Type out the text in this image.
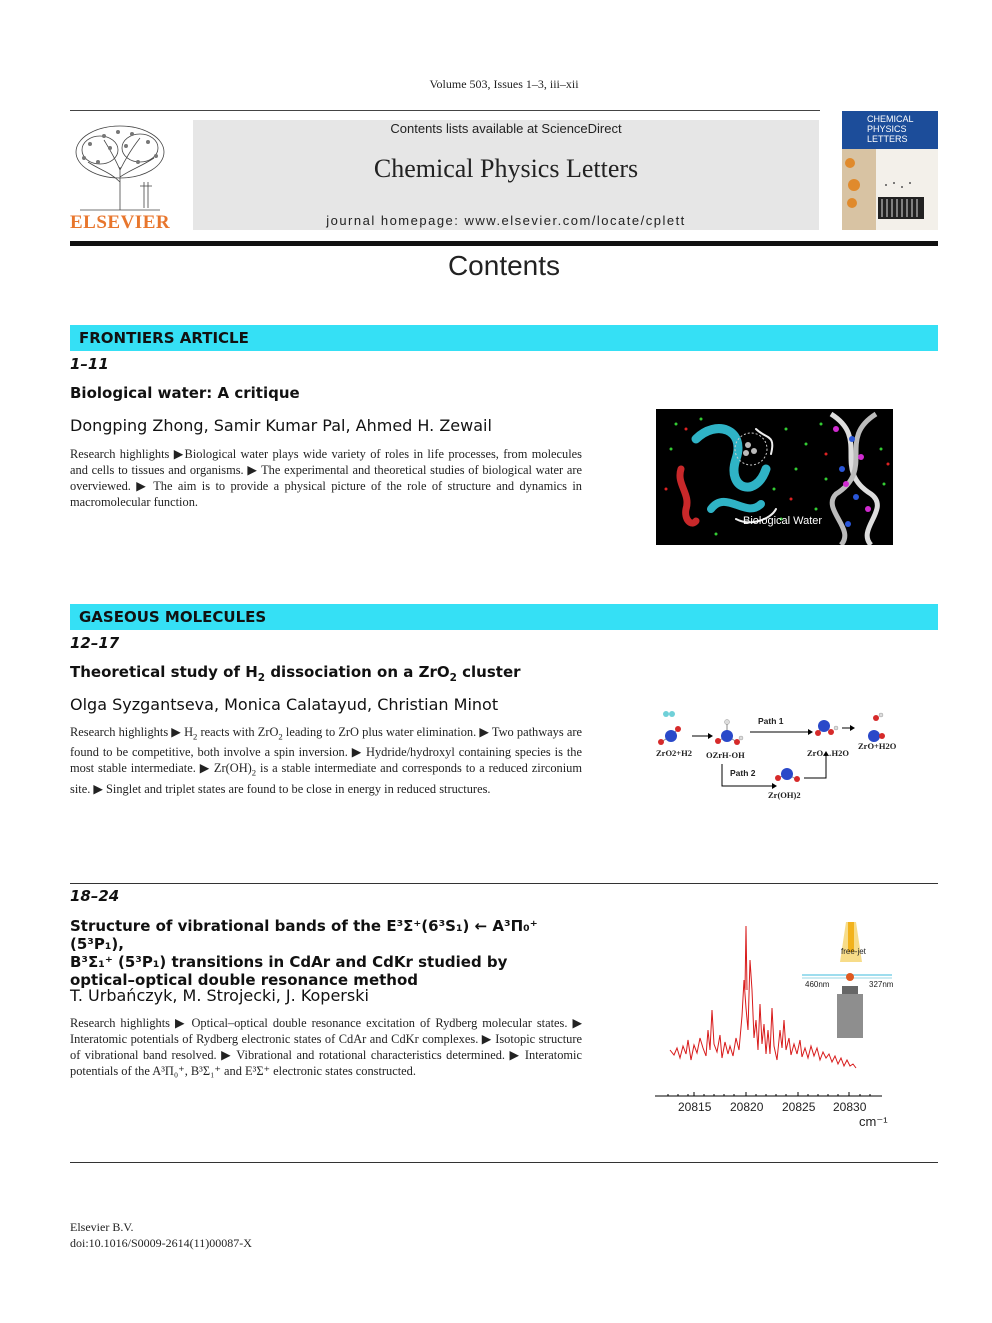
Volume 503, Issues 1–3, iii–xii
ELSEVIER
Contents lists available at ScienceDirect
Chemical Physics Letters
journal homepage: www.elsevier.com/locate/cplett
CHEMICAL
PHYSICS
LETTERS
Contents
FRONTIERS ARTICLE
1–11
Biological water: A critique
Dongping Zhong, Samir Kumar Pal, Ahmed H. Zewail
Research highlights ▶Biological water plays wide variety of roles in life processes, from molecules and cells to tissues and organisms. ▶ The experimental and theoretical studies of biological water are overviewed. ▶ The aim is to provide a physical picture of the role of structure and dynamics in macromolecular function.
Biological Water
GASEOUS MOLECULES
12–17
Theoretical study of $H_2$ dissociation on a ZrO$_2$ cluster
Olga Syzgantseva, Monica Calatayud, Christian Minot
Research highlights ▶ $H_2$ reacts with ZrO$_2$ leading to ZrO plus water elimination. ▶ Two pathways are found to be competitive, both involve a spin inversion. ▶ Hydride/hydroxyl containing species is the most stable intermediate. ▶ $Zr(OH)_2$ is a stable intermediate and corresponds to a reduced zirconium site. ▶ Singlet and triplet states are found to be close in energy in reduced structures.
ZrO2+H2 OZrH-OH
Path 1
Path 2
ZrO…H2O
ZrO+H2O
Zr(OH)2
18–24
Structure of vibrational bands of the E³Σ⁺(6³S₁) ← A³Π₀⁺ (5³P₁),
B³Σ₁⁺ (5³P₁) transitions in CdAr and CdKr studied by
optical–optical double resonance method
T. Urbańczyk, M. Strojecki, J. Koperski
Research highlights ▶ Optical–optical double resonance excitation of Rydberg molecular states. ▶ Interatomic potentials of Rydberg electronic states of CdAr and CdKr complexes. ▶ Isotopic structure of vibrational band resolved. ▶ Vibrational and rotational characteristics determined. ▶ Interatomic potentials of the A³Π₀⁺, B³Σ₁⁺ and E³Σ⁺ electronic states constructed.
free-jet
460nm	327nm
20815 20820 20825 20830
cm⁻¹
Elsevier B.V.
doi:10.1016/S0009-2614(11)00087-X
